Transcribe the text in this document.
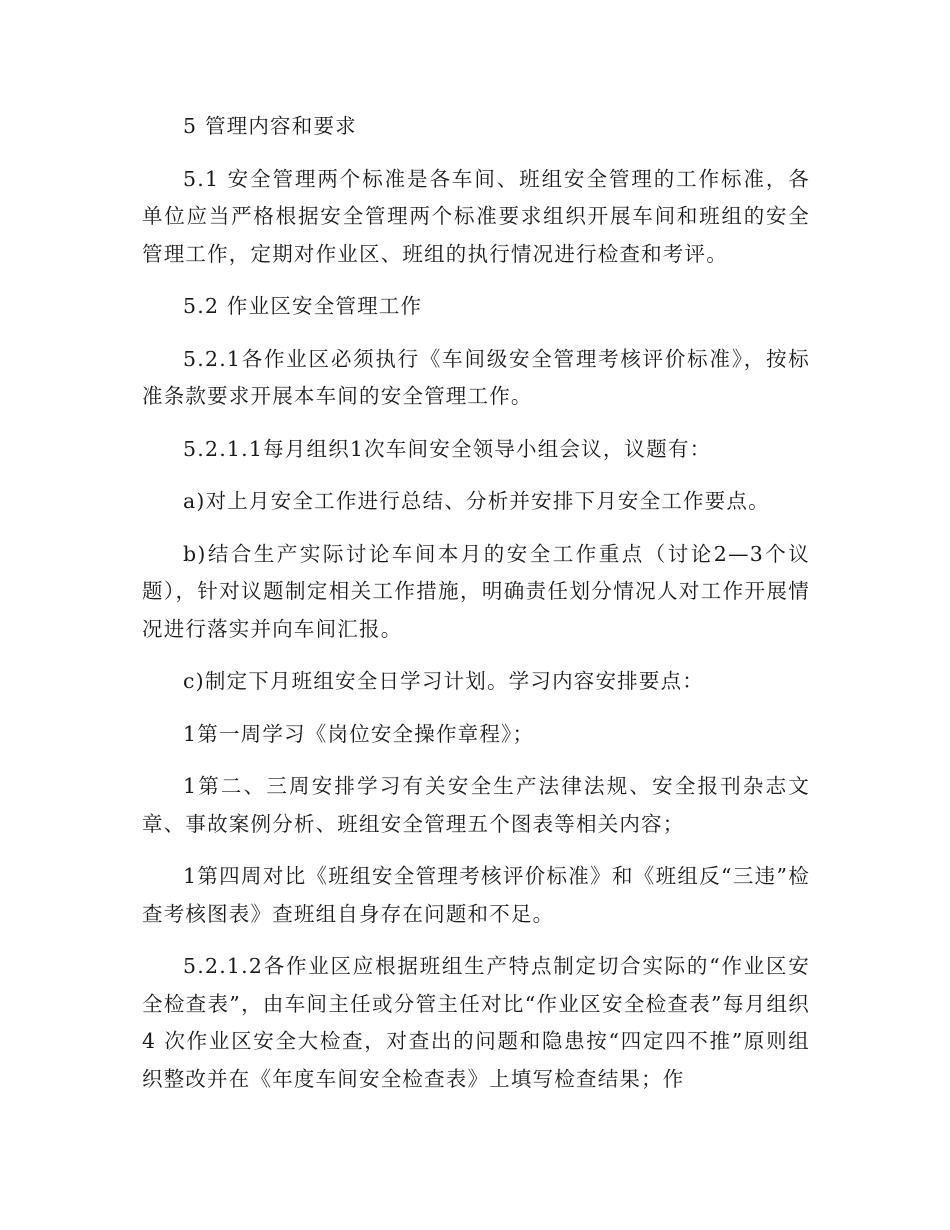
5 管理内容和要求

5.1 安全管理两个标准是各车间、班组安全管理的工作标准，各单位应当严格根据安全管理两个标准要求组织开展车间和班组的安全管理工作，定期对作业区、班组的执行情况进行检查和考评。

5.2 作业区安全管理工作

5.2.1各作业区必须执行《车间级安全管理考核评价标准》，按标准条款要求开展本车间的安全管理工作。

5.2.1.1每月组织1次车间安全领导小组会议，议题有：

a)对上月安全工作进行总结、分析并安排下月安全工作要点。

b)结合生产实际讨论车间本月的安全工作重点（讨论2—3个议题），针对议题制定相关工作措施，明确责任划分情况人对工作开展情况进行落实并向车间汇报。

c)制定下月班组安全日学习计划。学习内容安排要点：

1第一周学习《岗位安全操作章程》；

1第二、三周安排学习有关安全生产法律法规、安全报刊杂志文章、事故案例分析、班组安全管理五个图表等相关内容；

1第四周对比《班组安全管理考核评价标准》和《班组反“三违”检查考核图表》查班组自身存在问题和不足。

5.2.1.2各作业区应根据班组生产特点制定切合实际的“作业区安全检查表”，由车间主任或分管主任对比“作业区安全检查表”每月组织4 次作业区安全大检查，对查出的问题和隐患按“四定四不推”原则组织整改并在《年度车间安全检查表》上填写检查结果；作
